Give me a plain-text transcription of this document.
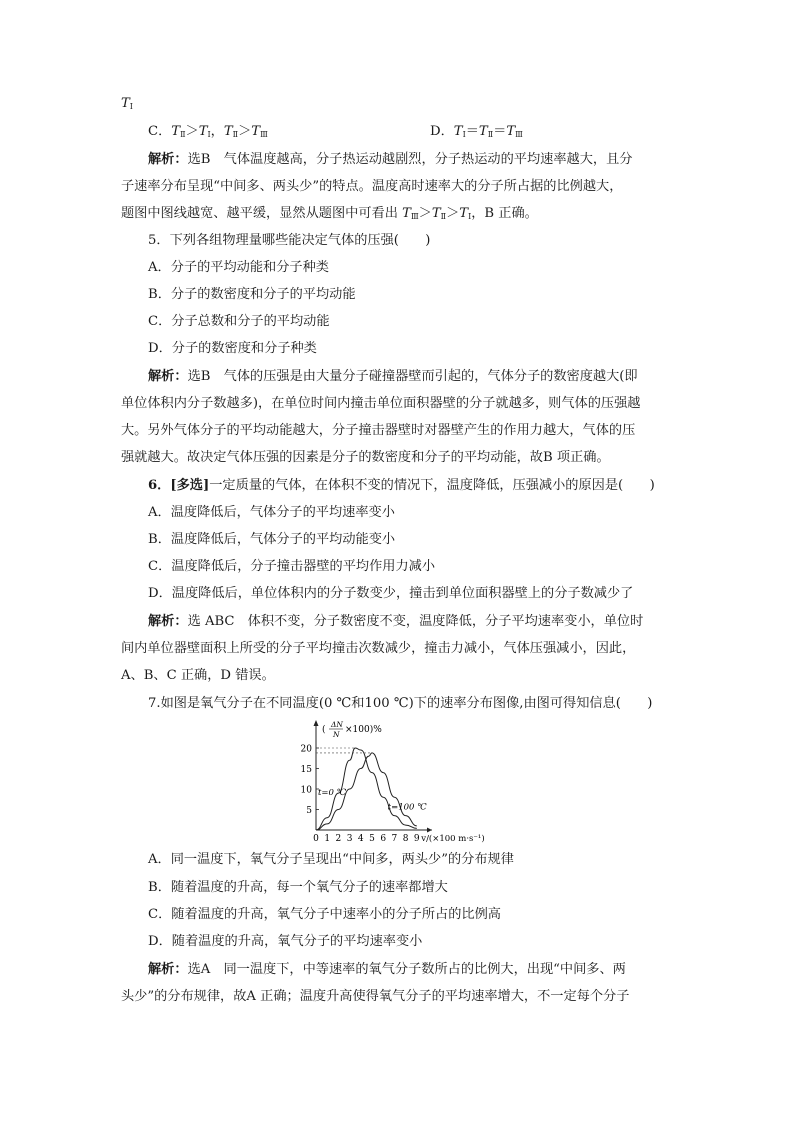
$T_Ⅰ$
C．$T_Ⅱ>T_Ⅰ$，$T_Ⅱ>T_Ⅲ$	D．$T_Ⅰ=T_Ⅱ=T_Ⅲ$
解析：选B　气体温度越高，分子热运动越剧烈，分子热运动的平均速率越大，且分
子速率分布呈现“中间多、两头少”的特点。温度高时速率大的分子所占据的比例越大，
题图中图线越宽、越平缓，显然从题图中可看出 $T_Ⅲ>T_Ⅱ>T_Ⅰ$，B 正确。
5．下列各组物理量哪些能决定气体的压强(　　)
A．分子的平均动能和分子种类
B．分子的数密度和分子的平均动能
C．分子总数和分子的平均动能
D．分子的数密度和分子种类
解析：选B　气体的压强是由大量分子碰撞器壁而引起的，气体分子的数密度越大(即
单位体积内分子数越多)，在单位时间内撞击单位面积器壁的分子就越多，则气体的压强越
大。另外气体分子的平均动能越大，分子撞击器壁时对器壁产生的作用力越大，气体的压
强就越大。故决定气体压强的因素是分子的数密度和分子的平均动能，故B 项正确。
6．[多选]一定质量的气体，在体积不变的情况下，温度降低，压强减小的原因是(　　)
A．温度降低后，气体分子的平均速率变小
B．温度降低后，气体分子的平均动能变小
C．温度降低后，分子撞击器壁的平均作用力减小
D．温度降低后，单位体积内的分子数变少，撞击到单位面积器壁上的分子数减少了
解析：选 ABC　体积不变，分子数密度不变，温度降低，分子平均速率变小，单位时
间内单位器壁面积上所受的分子平均撞击次数减少，撞击力减小，气体压强减小，因此，
A、B、C 正确，D 错误。
7.如图是氧气分子在不同温度(0 ℃和100 ℃)下的速率分布图像,由图可得知信息(　　)
(
ΔN
N ×100)%
5
10
15
20
0 1 2 3 4 5 6 7 8 9 v/(×100 m·s⁻¹)
t=0 ℃
t=100 ℃
A．同一温度下，氧气分子呈现出“中间多，两头少”的分布规律
B．随着温度的升高，每一个氧气分子的速率都增大
C．随着温度的升高，氧气分子中速率小的分子所占的比例高
D．随着温度的升高，氧气分子的平均速率变小
解析：选A　同一温度下，中等速率的氧气分子数所占的比例大，出现“中间多、两
头少”的分布规律，故A 正确；温度升高使得氧气分子的平均速率增大，不一定每个分子
